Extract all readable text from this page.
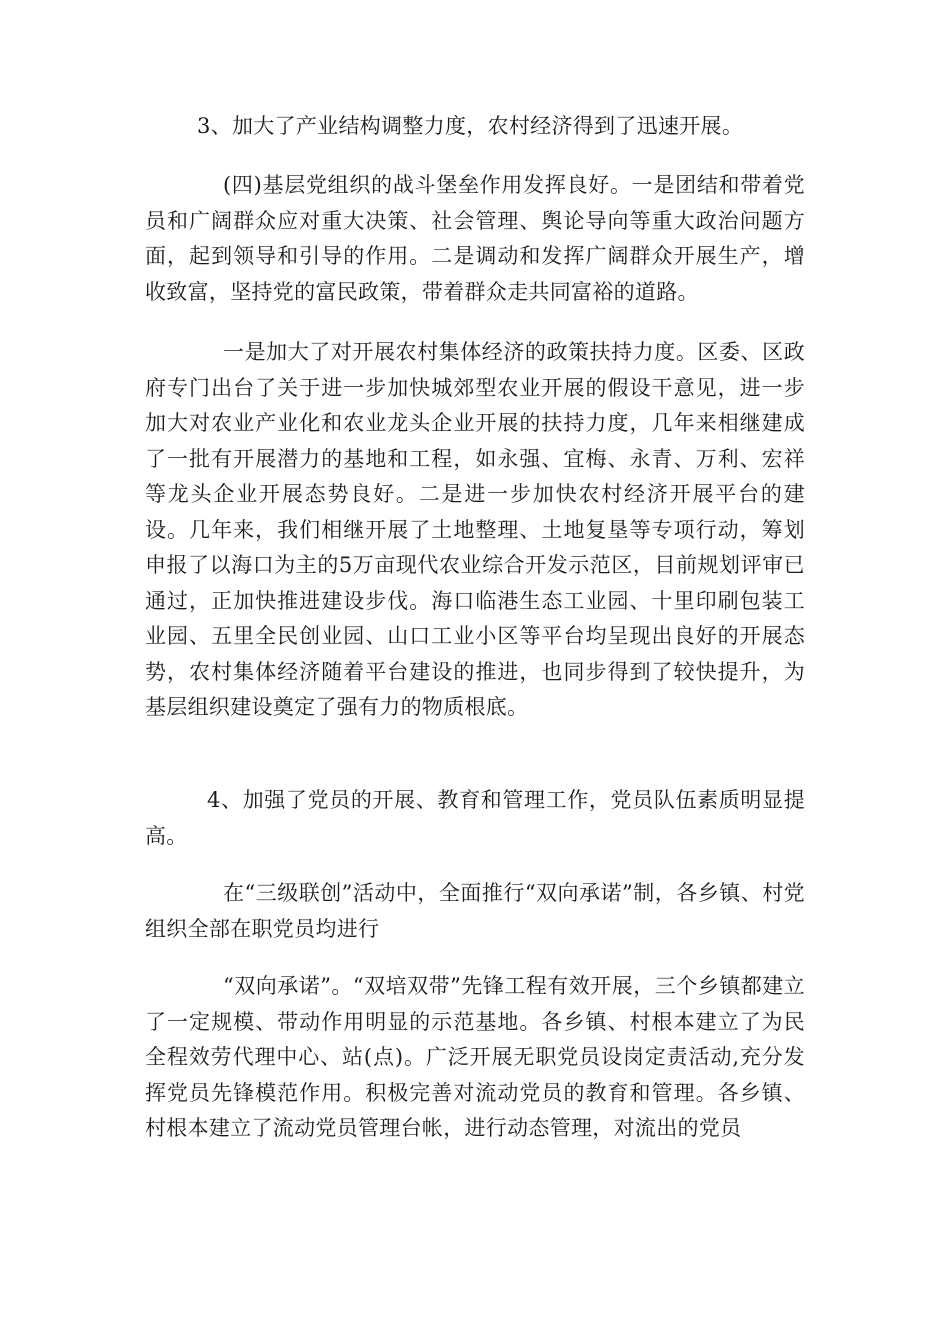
3、加大了产业结构调整力度，农村经济得到了迅速开展。

(四)基层党组织的战斗堡垒作用发挥良好。一是团结和带着党员和广阔群众应对重大决策、社会管理、舆论导向等重大政治问题方面，起到领导和引导的作用。二是调动和发挥广阔群众开展生产，增收致富，坚持党的富民政策，带着群众走共同富裕的道路。

一是加大了对开展农村集体经济的政策扶持力度。区委、区政府专门出台了关于进一步加快城郊型农业开展的假设干意见，进一步加大对农业产业化和农业龙头企业开展的扶持力度，几年来相继建成了一批有开展潜力的基地和工程，如永强、宜梅、永青、万利、宏祥等龙头企业开展态势良好。二是进一步加快农村经济开展平台的建设。几年来，我们相继开展了土地整理、土地复垦等专项行动，筹划申报了以海口为主的5万亩现代农业综合开发示范区，目前规划评审已通过，正加快推进建设步伐。海口临港生态工业园、十里印刷包装工业园、五里全民创业园、山口工业小区等平台均呈现出良好的开展态势，农村集体经济随着平台建设的推进，也同步得到了较快提升，为基层组织建设奠定了强有力的物质根底。

4、加强了党员的开展、教育和管理工作，党员队伍素质明显提高。

在“三级联创”活动中，全面推行“双向承诺”制，各乡镇、村党组织全部在职党员均进行

“双向承诺”。“双培双带”先锋工程有效开展，三个乡镇都建立了一定规模、带动作用明显的示范基地。各乡镇、村根本建立了为民全程效劳代理中心、站(点)。广泛开展无职党员设岗定责活动,充分发挥党员先锋模范作用。积极完善对流动党员的教育和管理。各乡镇、村根本建立了流动党员管理台帐，进行动态管理，对流出的党员
